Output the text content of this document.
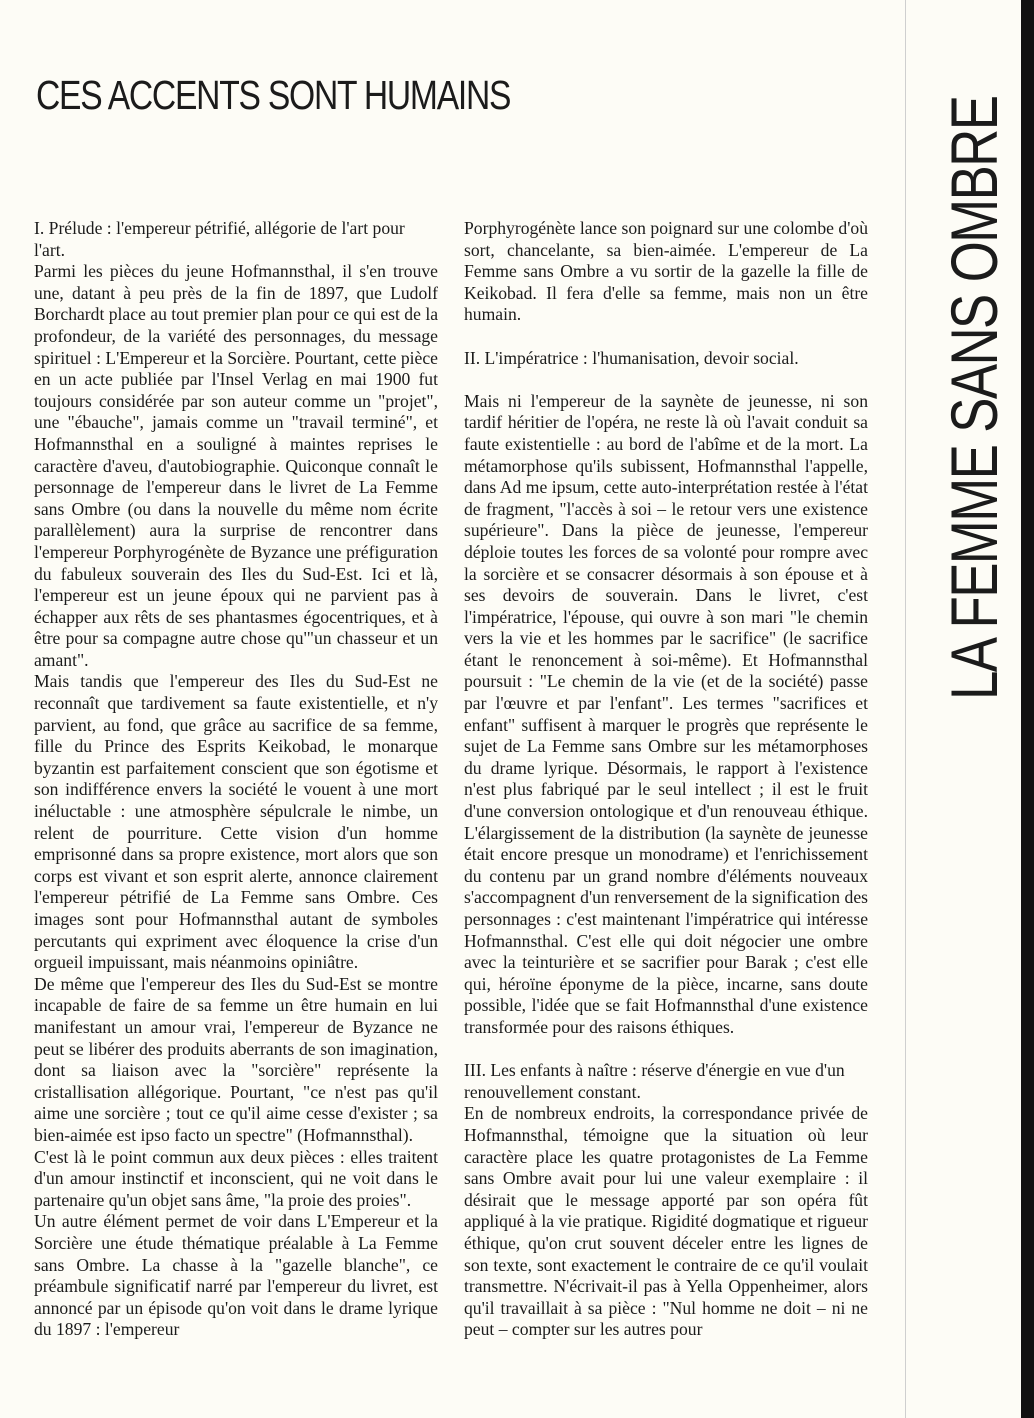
CES ACCENTS SONT HUMAINS

I. Prélude : l'empereur pétrifié, allégorie de l'art pour l'art.

Parmi les pièces du jeune Hofmannsthal, il s'en trouve une, datant à peu près de la fin de 1897, que Ludolf Borchardt place au tout premier plan pour ce qui est de la profondeur, de la variété des personnages, du message spirituel : L'Empereur et la Sorcière. Pourtant, cette pièce en un acte publiée par l'Insel Verlag en mai 1900 fut toujours considérée par son auteur comme un "projet", une "ébauche", jamais comme un "travail terminé", et Hofmannsthal en a souligné à maintes reprises le caractère d'aveu, d'autobiographie. Quiconque connaît le personnage de l'empereur dans le livret de La Femme sans Ombre (ou dans la nouvelle du même nom écrite parallèlement) aura la surprise de rencontrer dans l'empereur Porphyrogénète de Byzance une préfiguration du fabuleux souverain des Iles du Sud-Est. Ici et là, l'empereur est un jeune époux qui ne parvient pas à échapper aux rêts de ses phantasmes égocentriques, et à être pour sa compagne autre chose qu'"un chasseur et un amant".

Mais tandis que l'empereur des Iles du Sud-Est ne reconnaît que tardivement sa faute existentielle, et n'y parvient, au fond, que grâce au sacrifice de sa femme, fille du Prince des Esprits Keikobad, le monarque byzantin est parfaitement conscient que son égotisme et son indifférence envers la société le vouent à une mort inéluctable : une atmosphère sépulcrale le nimbe, un relent de pourriture. Cette vision d'un homme emprisonné dans sa propre existence, mort alors que son corps est vivant et son esprit alerte, annonce clairement l'empereur pétrifié de La Femme sans Ombre. Ces images sont pour Hofmannsthal autant de symboles percutants qui expriment avec éloquence la crise d'un orgueil impuissant, mais néanmoins opiniâtre.

De même que l'empereur des Iles du Sud-Est se montre incapable de faire de sa femme un être humain en lui manifestant un amour vrai, l'empereur de Byzance ne peut se libérer des produits aberrants de son imagination, dont sa liaison avec la "sorcière" représente la cristallisation allégorique. Pourtant, "ce n'est pas qu'il aime une sorcière ; tout ce qu'il aime cesse d'exister ; sa bien-aimée est ipso facto un spectre" (Hofmannsthal).

C'est là le point commun aux deux pièces : elles traitent d'un amour instinctif et inconscient, qui ne voit dans le partenaire qu'un objet sans âme, "la proie des proies".

Un autre élément permet de voir dans L'Empereur et la Sorcière une étude thématique préalable à La Femme sans Ombre. La chasse à la "gazelle blanche", ce préambule significatif narré par l'empereur du livret, est annoncé par un épisode qu'on voit dans le drame lyrique du 1897 : l'empereur

Porphyrogénète lance son poignard sur une colombe d'où sort, chancelante, sa bien-aimée. L'empereur de La Femme sans Ombre a vu sortir de la gazelle la fille de Keikobad. Il fera d'elle sa femme, mais non un être humain.

II. L'impératrice : l'humanisation, devoir social.

Mais ni l'empereur de la saynète de jeunesse, ni son tardif héritier de l'opéra, ne reste là où l'avait conduit sa faute existentielle : au bord de l'abîme et de la mort. La métamorphose qu'ils subissent, Hofmannsthal l'appelle, dans Ad me ipsum, cette auto-interprétation restée à l'état de fragment, "l'accès à soi – le retour vers une existence supérieure". Dans la pièce de jeunesse, l'empereur déploie toutes les forces de sa volonté pour rompre avec la sorcière et se consacrer désormais à son épouse et à ses devoirs de souverain. Dans le livret, c'est l'impératrice, l'épouse, qui ouvre à son mari "le chemin vers la vie et les hommes par le sacrifice" (le sacrifice étant le renoncement à soi-même). Et Hofmannsthal poursuit : "Le chemin de la vie (et de la société) passe par l'œuvre et par l'enfant". Les termes "sacrifices et enfant" suffisent à marquer le progrès que représente le sujet de La Femme sans Ombre sur les métamorphoses du drame lyrique. Désormais, le rapport à l'existence n'est plus fabriqué par le seul intellect ; il est le fruit d'une conversion ontologique et d'un renouveau éthique. L'élargissement de la distribution (la saynète de jeunesse était encore presque un monodrame) et l'enrichissement du contenu par un grand nombre d'éléments nouveaux s'accompagnent d'un renversement de la signification des personnages : c'est maintenant l'impératrice qui intéresse Hofmannsthal. C'est elle qui doit négocier une ombre avec la teinturière et se sacrifier pour Barak ; c'est elle qui, héroïne éponyme de la pièce, incarne, sans doute possible, l'idée que se fait Hofmannsthal d'une existence transformée pour des raisons éthiques.

III. Les enfants à naître : réserve d'énergie en vue d'un renouvellement constant.

En de nombreux endroits, la correspondance privée de Hofmannsthal, témoigne que la situation où leur caractère place les quatre protagonistes de La Femme sans Ombre avait pour lui une valeur exemplaire : il désirait que le message apporté par son opéra fût appliqué à la vie pratique. Rigidité dogmatique et rigueur éthique, qu'on crut souvent déceler entre les lignes de son texte, sont exactement le contraire de ce qu'il voulait transmettre. N'écrivait-il pas à Yella Oppenheimer, alors qu'il travaillait à sa pièce : "Nul homme ne doit – ni ne peut – compter sur les autres pour

LA FEMME SANS OMBRE
